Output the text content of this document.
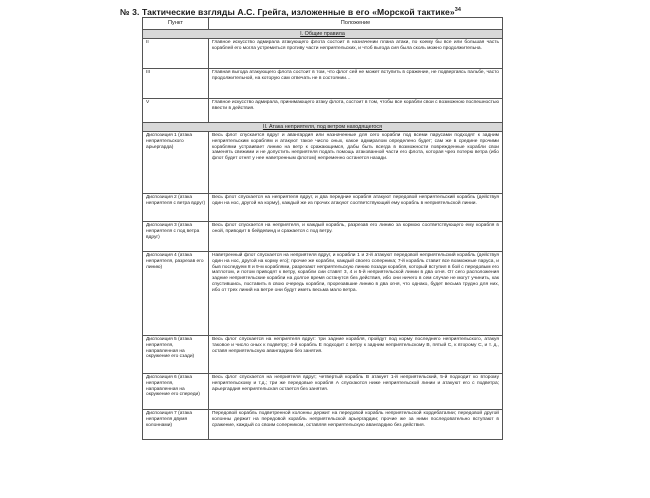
№ 3. Тактические взгляды А.С. Грейга, изложенные в его «Морской тактике»$^{34}$
Пункт	Положение
I. Общие правила	
II	Главное искусство адмирала атакующего флота состоит в назначении плана атаки, по коему бы все или большая часть кораблей его могла устремиться противу части неприятельских, и чтоб выгода сия была сколь можно продолжительна.
III	Главная выгода атакующего флота состоит в том, что флот сей не может вступить в сражение, не подвергаясь пальбе, часто продолжительной, на которую сам отвечать не в состоянии…
V	Главное искусство адмирала, принимающего атаку флота, состоит в том, чтобы все корабли свои с возможною поспешностью ввести в действия.
II. Атака неприятеля, под ветром находящегося	
Диспозиция 1 (атака неприятельского арьергарда)	Весь флот спускается вдруг и авангардия или назначенные для сего корабли под всеми парусами подходят к задним неприятельским кораблям и атакуют такое число оных, какое адмиралом определено будет; сам же в средине прочими кораблями устраивает линию на ветр к сражающимся, дабы быть всегда в возможности поврежденные корабли свои заменять свежими и не допустить неприятеля подать помощь атакованной части его флота, которая чрез потерю ветра (ибо флот будет отнят у нее наветренным флотом) непременно останется назади.
Диспозиция 2 (атака неприятеля с ветра вдруг)	Весь флот спускается на неприятеля вдруг, и два передние корабля атакуют передовой неприятельский корабль (действуя один на нос, другой на корму), каждый же из прочих атакуют соответствующий ему корабль в неприятельской линии.
Диспозиция 3 (атака неприятеля с под ветра вдруг)	Весь флот спускается на неприятеля, и каждый корабль, разрезав его линию за кормою соответствующего ему корабля в оной, приводит в бейдевинд и сражается с под ветру.
Диспозиция 4 (атака неприятеля, разрезав его линию)	Наветренный флот спускается на неприятеля вдруг, и корабли 1 и 2-й атакуют передовой неприятельский корабль (действуя один на нос, другой на корму его); прочие же корабли, каждый своего соперника; 7-й корабль ставит все возможные паруса, и быв последуем 8 и 9-м кораблями, разрезают неприятельскую линию позади корабля, который вступил в бой с передовым его матлотом, и потом приводят к ветру, корабли сии ставят 3, 4 и 5-й неприятельской линии в два огня. От сего расположения задние неприятельские корабли на долгое время останутся без действия, ибо они ничего в сем случае не могут учинить, как спустившись, поставить в свою очередь корабли, прорезавшие линию в два огня, что однако, будет весьма трудно для них, ибо от трех линий на ветре они будут иметь весьма мало ветра.
Диспозиция 5 (атака неприятеля, направленная на окружение его сзади)	Весь флот спускается на неприятеля вдруг: три задние корабля, пройдут под корму последнего неприятельского, атакуя таковое и число оных к подветру; 4-й корабль Е подходит с ветру к задним неприятельскому В, пятый С, к второму С, и т. д., оставя неприятельскую авангардию без занятия.
Диспозиция 6 (атака неприятеля, направленная на окружение его спереди)	Весь флот спускается на неприятеля вдруг; четвертый корабль В атакует 1-й неприятельский, 5-й подходит ко второму неприятельскому и т.д.; три же передовые корабля А спускаются ниже неприятельской линии и атакуют его с подветра; арьергардия неприятельская остается без занятия.
Диспозиция 7 (атака неприятеля двумя колоннами)	Передовой корабль подветренной колонны держит на передовой корабль неприятельской кордебаталии; передовой другой колонны держит на передовой корабль неприятельской арьергардии; прочие же за ними последовательно вступают в сражение, каждый со своим соперником, оставляя неприятельскую авангардию без действия.
